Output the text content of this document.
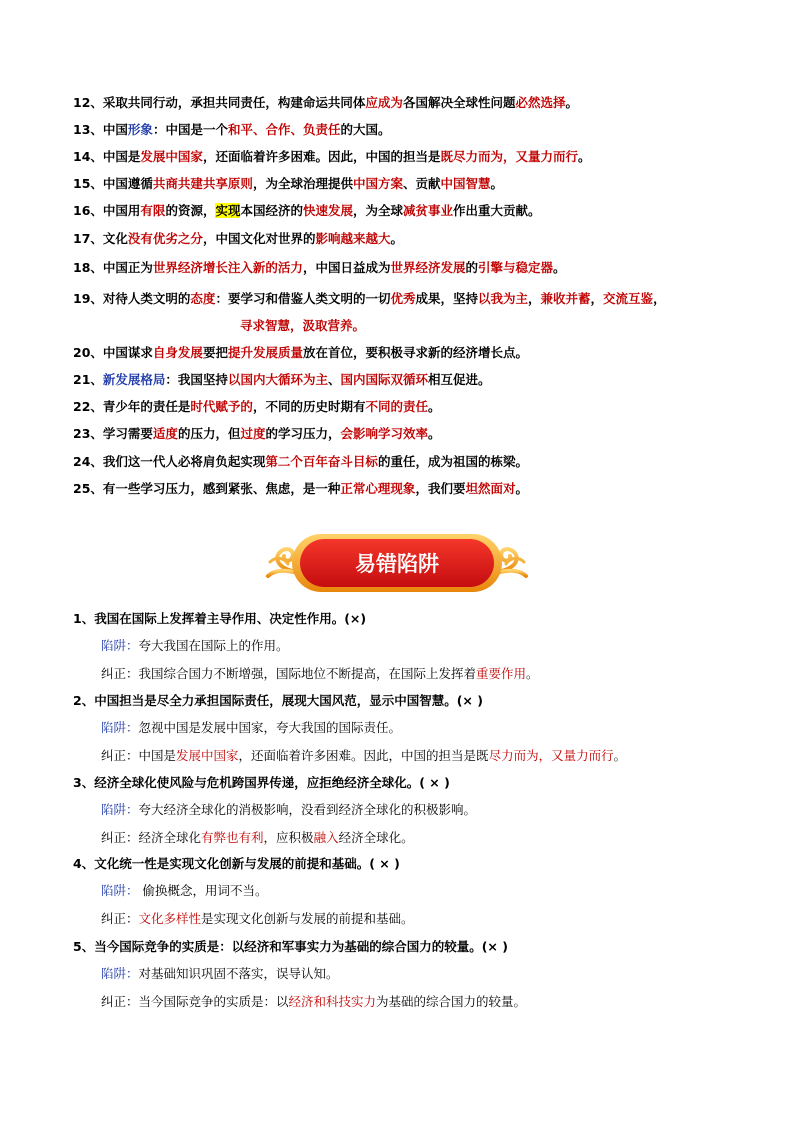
12、采取共同行动，承担共同责任，构建命运共同体应成为各国解决全球性问题必然选择。
13、中国形象：中国是一个和平、合作、负责任的大国。
14、中国是发展中国家，还面临着许多困难。因此，中国的担当是既尽力而为，又量力而行。
15、中国遵循共商共建共享原则，为全球治理提供中国方案、贡献中国智慧。
16、中国用有限的资源，实现本国经济的快速发展，为全球减贫事业作出重大贡献。
17、文化没有优劣之分，中国文化对世界的影响越来越大。
18、中国正为世界经济增长注入新的活力，中国日益成为世界经济发展的引擎与稳定器。
19、对待人类文明的态度：要学习和借鉴人类文明的一切优秀成果，坚持以我为主，兼收并蓄，交流互鉴，
寻求智慧，汲取营养。
20、中国谋求自身发展要把提升发展质量放在首位，要积极寻求新的经济增长点。
21、新发展格局：我国坚持以国内大循环为主、国内国际双循环相互促进。
22、青少年的责任是时代赋予的，不同的历史时期有不同的责任。
23、学习需要适度的压力，但过度的学习压力，会影响学习效率。
24、我们这一代人必将肩负起实现第二个百年奋斗目标的重任，成为祖国的栋梁。
25、有一些学习压力，感到紧张、焦虑，是一种正常心理现象，我们要坦然面对。
易错陷阱
1、我国在国际上发挥着主导作用、决定性作用。(×)
陷阱：夸大我国在国际上的作用。
纠正：我国综合国力不断增强，国际地位不断提高，在国际上发挥着重要作用。
2、中国担当是尽全力承担国际责任，展现大国风范，显示中国智慧。(× )
陷阱：忽视中国是发展中国家，夸大我国的国际责任。
纠正：中国是发展中国家，还面临着许多困难。因此，中国的担当是既尽力而为，又量力而行。
3、经济全球化使风险与危机跨国界传递，应拒绝经济全球化。( × )
陷阱：夸大经济全球化的消极影响，没看到经济全球化的积极影响。
纠正：经济全球化有弊也有利，应积极融入经济全球化。
4、文化统一性是实现文化创新与发展的前提和基础。( × )
陷阱： 偷换概念，用词不当。
纠正：文化多样性是实现文化创新与发展的前提和基础。
5、当今国际竞争的实质是：以经济和军事实力为基础的综合国力的较量。(× )
陷阱：对基础知识巩固不落实，误导认知。
纠正：当今国际竞争的实质是：以经济和科技实力为基础的综合国力的较量。
